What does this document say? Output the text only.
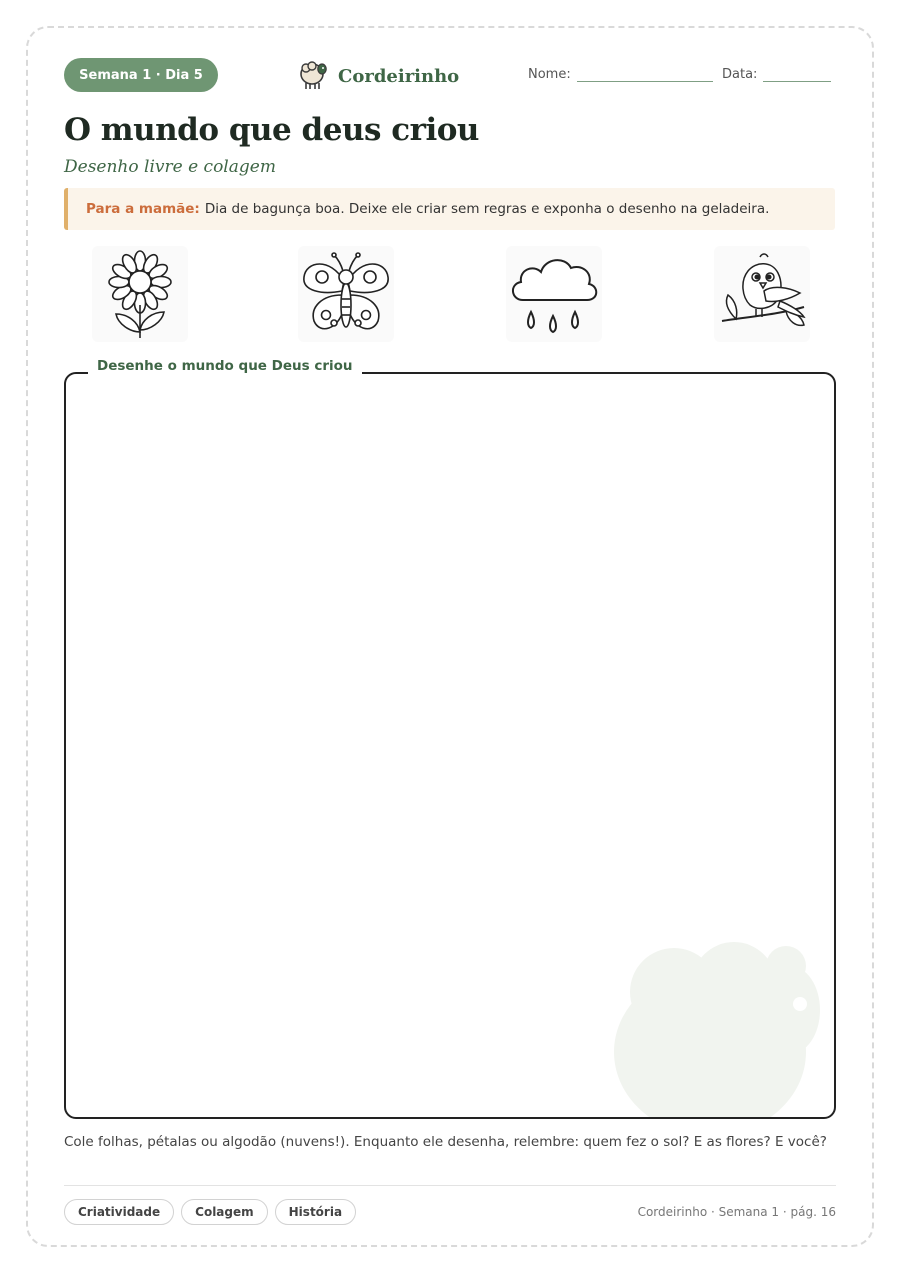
Semana 1 · Dia 5	Cordeirinho	Nome:	Data:
O mundo que deus criou
Desenho livre e colagem
Para a mamãe: Dia de bagunça boa. Deixe ele criar sem regras e exponha o desenho na geladeira.
Desenhe o mundo que Deus criou
Cole folhas, pétalas ou algodão (nuvens!). Enquanto ele desenha, relembre: quem fez o sol? E as flores? E você?
Criatividade	Colagem	História	Cordeirinho · Semana 1 · pág. 16
